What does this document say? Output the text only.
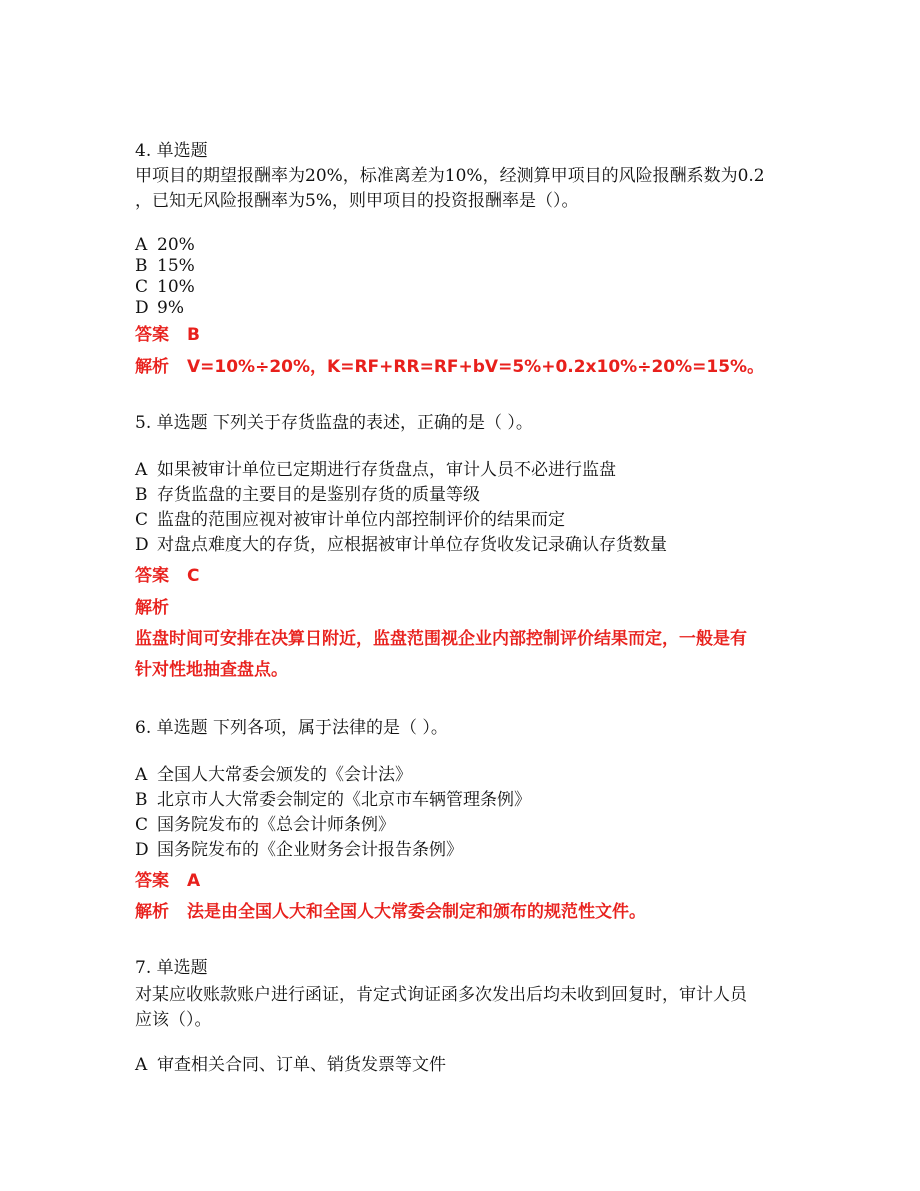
4. 单选题
甲项目的期望报酬率为20%，标准离差为10%，经测算甲项目的风险报酬系数为0.2
，已知无风险报酬率为5%，则甲项目的投资报酬率是（）。
A 20%
B 15%
C 10%
D 9%
答案 B
解析 V=10%÷20%，K=RF+RR=RF+bV=5%+0.2x10%÷20%=15%。
5. 单选题 下列关于存货监盘的表述，正确的是（ ）。
A 如果被审计单位已定期进行存货盘点，审计人员不必进行监盘
B 存货监盘的主要目的是鉴别存货的质量等级
C 监盘的范围应视对被审计单位内部控制评价的结果而定
D 对盘点难度大的存货，应根据被审计单位存货收发记录确认存货数量
答案 C
解析
监盘时间可安排在决算日附近，监盘范围视企业内部控制评价结果而定，一般是有
针对性地抽查盘点。
6. 单选题 下列各项，属于法律的是（ ）。
A 全国人大常委会颁发的《会计法》
B 北京市人大常委会制定的《北京市车辆管理条例》
C 国务院发布的《总会计师条例》
D 国务院发布的《企业财务会计报告条例》
答案 A
解析 法是由全国人大和全国人大常委会制定和颁布的规范性文件。
7. 单选题
对某应收账款账户进行函证，肯定式询证函多次发出后均未收到回复时，审计人员
应该（）。
A 审查相关合同、订单、销货发票等文件
